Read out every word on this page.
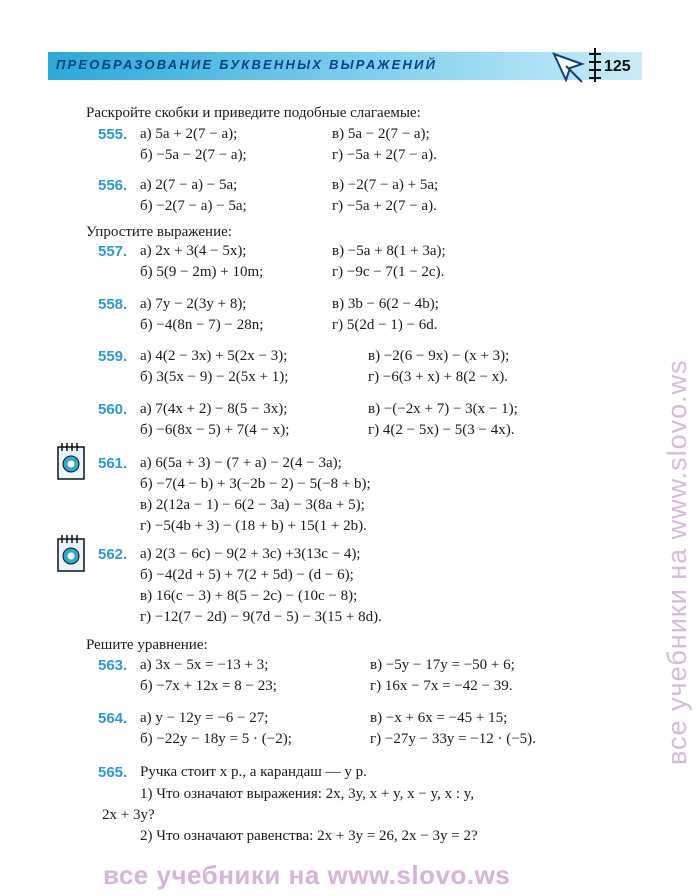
ПРЕОБРАЗОВАНИЕ БУКВЕННЫХ ВЫРАЖЕНИЙ	125
Раскройте скобки и приведите подобные слагаемые:
555. а) 5a + 2(7 − a);
б) −5a − 2(7 − a);
в) 5a − 2(7 − a);
г) −5a + 2(7 − a).
556. а) 2(7 − a) − 5a;
б) −2(7 − a) − 5a;
в) −2(7 − a) + 5a;
г) −5a + 2(7 − a).
Упростите выражение:
557. а) 2x + 3(4 − 5x);
б) 5(9 − 2m) + 10m;
в) −5a + 8(1 + 3a);
г) −9c − 7(1 − 2c).
558. а) 7y − 2(3y + 8);
б) −4(8n − 7) − 28n;
в) 3b − 6(2 − 4b);
г) 5(2d − 1) − 6d.
559. а) 4(2 − 3x) + 5(2x − 3);
б) 3(5x − 9) − 2(5x + 1);
в) −2(6 − 9x) − (x + 3);
г) −6(3 + x) + 8(2 − x).
560. а) 7(4x + 2) − 8(5 − 3x);
б) −6(8x − 5) + 7(4 − x);
в) −(−2x + 7) − 3(x − 1);
г) 4(2 − 5x) − 5(3 − 4x).
561. а) 6(5a + 3) − (7 + a) − 2(4 − 3a);
б) −7(4 − b) + 3(−2b − 2) − 5(−8 + b);
в) 2(12a − 1) − 6(2 − 3a) − 3(8a + 5);
г) −5(4b + 3) − (18 + b) + 15(1 + 2b).
562. а) 2(3 − 6c) − 9(2 + 3c) +3(13c − 4);
б) −4(2d + 5) + 7(2 + 5d) − (d − 6);
в) 16(c − 3) + 8(5 − 2c) − (10c − 8);
г) −12(7 − 2d) − 9(7d − 5) − 3(15 + 8d).
Решите уравнение:
563. а) 3x − 5x = −13 + 3;
б) −7x + 12x = 8 − 23;
в) −5y − 17y = −50 + 6;
г) 16x − 7x = −42 − 39.
564. а) y − 12y = −6 − 27;
б) −22y − 18y = 5 · (−2);
в) −x + 6x = −45 + 15;
г) −27y − 33y = −12 · (−5).
565. Ручка стоит x р., а карандаш — y р.
1) Что означают выражения: 2x, 3y, x + y, x − y, x : y,
2x + 3y?
2) Что означают равенства: 2x + 3y = 26, 2x − 3y = 2?
все учебники на www.slovo.ws
все учебники на www.slovo.ws
